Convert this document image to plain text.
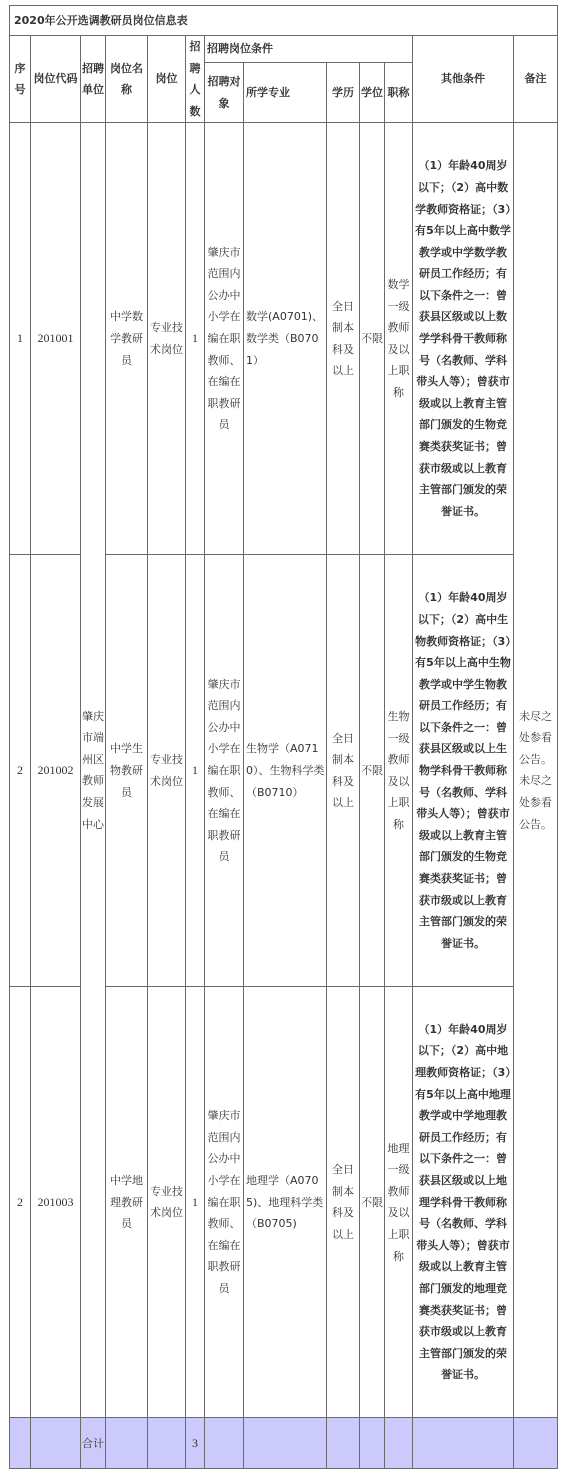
2020年公开选调教研员岗位信息表												
序号	岗位代码	招聘单位	岗位名称	岗位	招聘人数	招聘岗位条件					其他条件	备注
						招聘对象	所学专业	学历	学位	职称		
1	201001	肇庆市端州区教师发展中心	中学数学教研员	专业技术岗位	1	肇庆市范围内公办中小学在编在职教师、在编在职教研员	数学(A0701)、数学类（B0701）	全日制本科及以上	不限	数学一级教师及以上职称	（1）年龄40周岁以下；（2）高中数学教师资格证；（3）有5年以上高中数学教学或中学数学教研员工作经历；有以下条件之一：曾获县区级或以上数学学科骨干教师称号（名教师、学科带头人等）；曾获市级或以上教育主管部门颁发的生物竞赛类获奖证书；曾获市级或以上教育主管部门颁发的荣誉证书。	未尽之处参看公告。未尽之处参看公告。
2	201002		中学生物教研员	专业技术岗位	1	肇庆市范围内公办中小学在编在职教师、在编在职教研员	生物学（A0710）、生物科学类（B0710）	全日制本科及以上	不限	生物一级教师及以上职称	（1）年龄40周岁以下；（2）高中生物教师资格证；（3）有5年以上高中生物教学或中学生物教研员工作经历；有以下条件之一：曾获县区级或以上生物学科骨干教师称号（名教师、学科带头人等）；曾获市级或以上教育主管部门颁发的生物竞赛类获奖证书；曾获市级或以上教育主管部门颁发的荣誉证书。	
2	201003		中学地理教研员	专业技术岗位	1	肇庆市范围内公办中小学在编在职教师、在编在职教研员	地理学（A0705)、地理科学类（B0705)	全日制本科及以上	不限	地理一级教师及以上职称	（1）年龄40周岁以下；（2）高中地理教师资格证；（3）有5年以上高中地理教学或中学地理教研员工作经历；有以下条件之一：曾获县区级或以上地理学科骨干教师称号（名教师、学科带头人等）；曾获市级或以上教育主管部门颁发的地理竞赛类获奖证书；曾获市级或以上教育主管部门颁发的荣誉证书。	
		合计			3							
